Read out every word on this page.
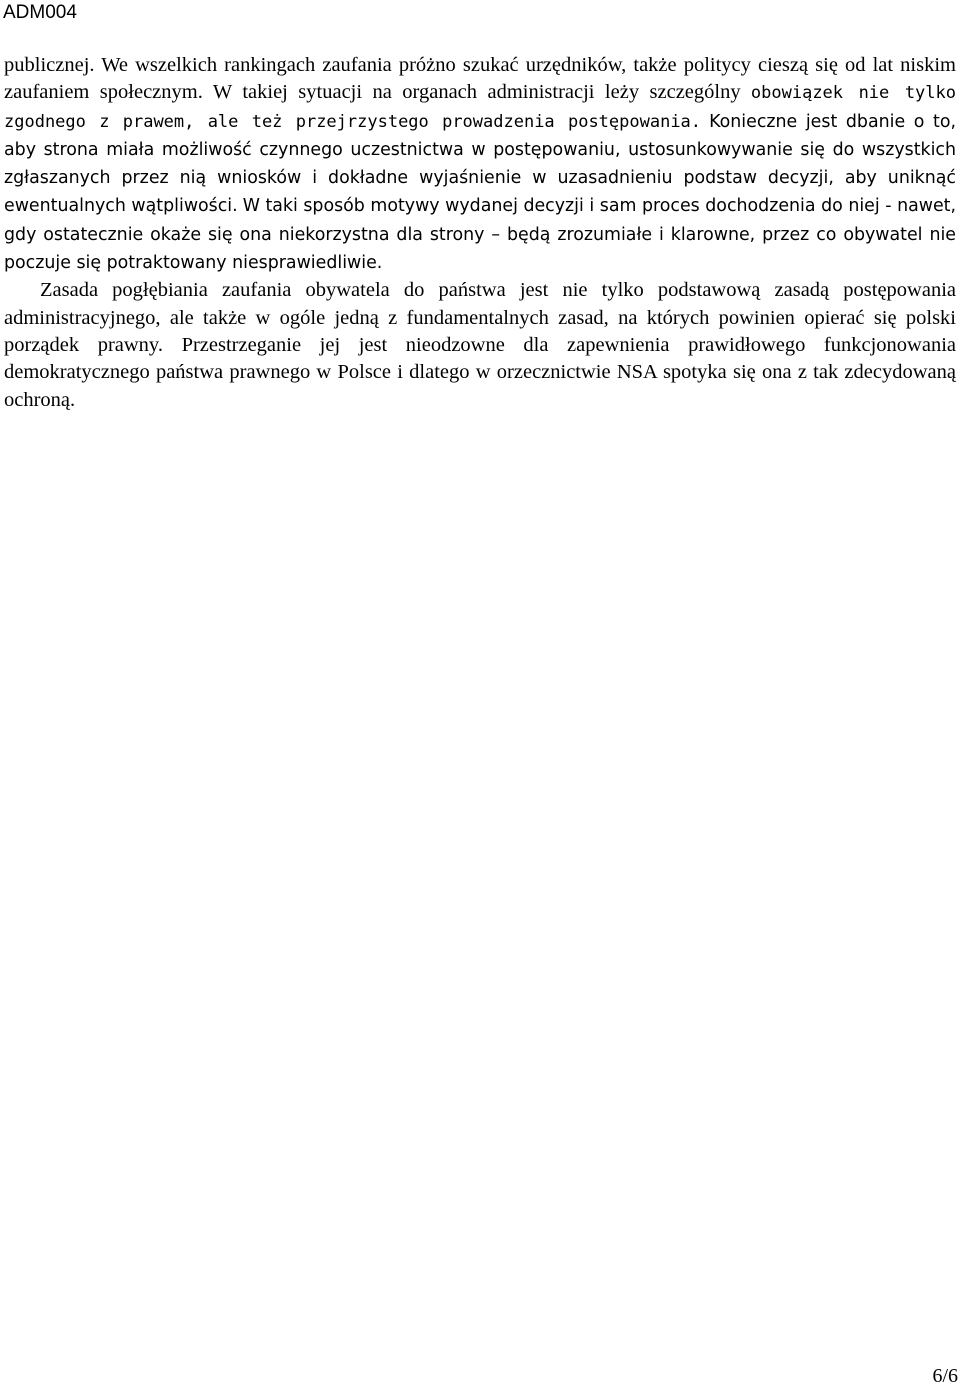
ADM004

publicznej. We wszelkich rankingach zaufania próżno szukać urzędników, także politycy cieszą się od lat niskim zaufaniem społecznym. W takiej sytuacji na organach administracji leży szczególny obowiązek nie tylko zgodnego z prawem, ale też przejrzystego prowadzenia postępowania. Konieczne jest dbanie o to, aby strona miała możliwość czynnego uczestnictwa w postępowaniu, ustosunkowywanie się do wszystkich zgłaszanych przez nią wniosków i dokładne wyjaśnienie w uzasadnieniu podstaw decyzji, aby uniknąć ewentualnych wątpliwości. W taki sposób motywy wydanej decyzji i sam proces dochodzenia do niej - nawet, gdy ostatecznie okaże się ona niekorzystna dla strony – będą zrozumiałe i klarowne, przez co obywatel nie poczuje się potraktowany niesprawiedliwie.

Zasada pogłębiania zaufania obywatela do państwa jest nie tylko podstawową zasadą postępowania administracyjnego, ale także w ogóle jedną z fundamentalnych zasad, na których powinien opierać się polski porządek prawny. Przestrzeganie jej jest nieodzowne dla zapewnienia prawidłowego funkcjonowania demokratycznego państwa prawnego w Polsce i dlatego w orzecznictwie NSA spotyka się ona z tak zdecydowaną ochroną.

6/6
